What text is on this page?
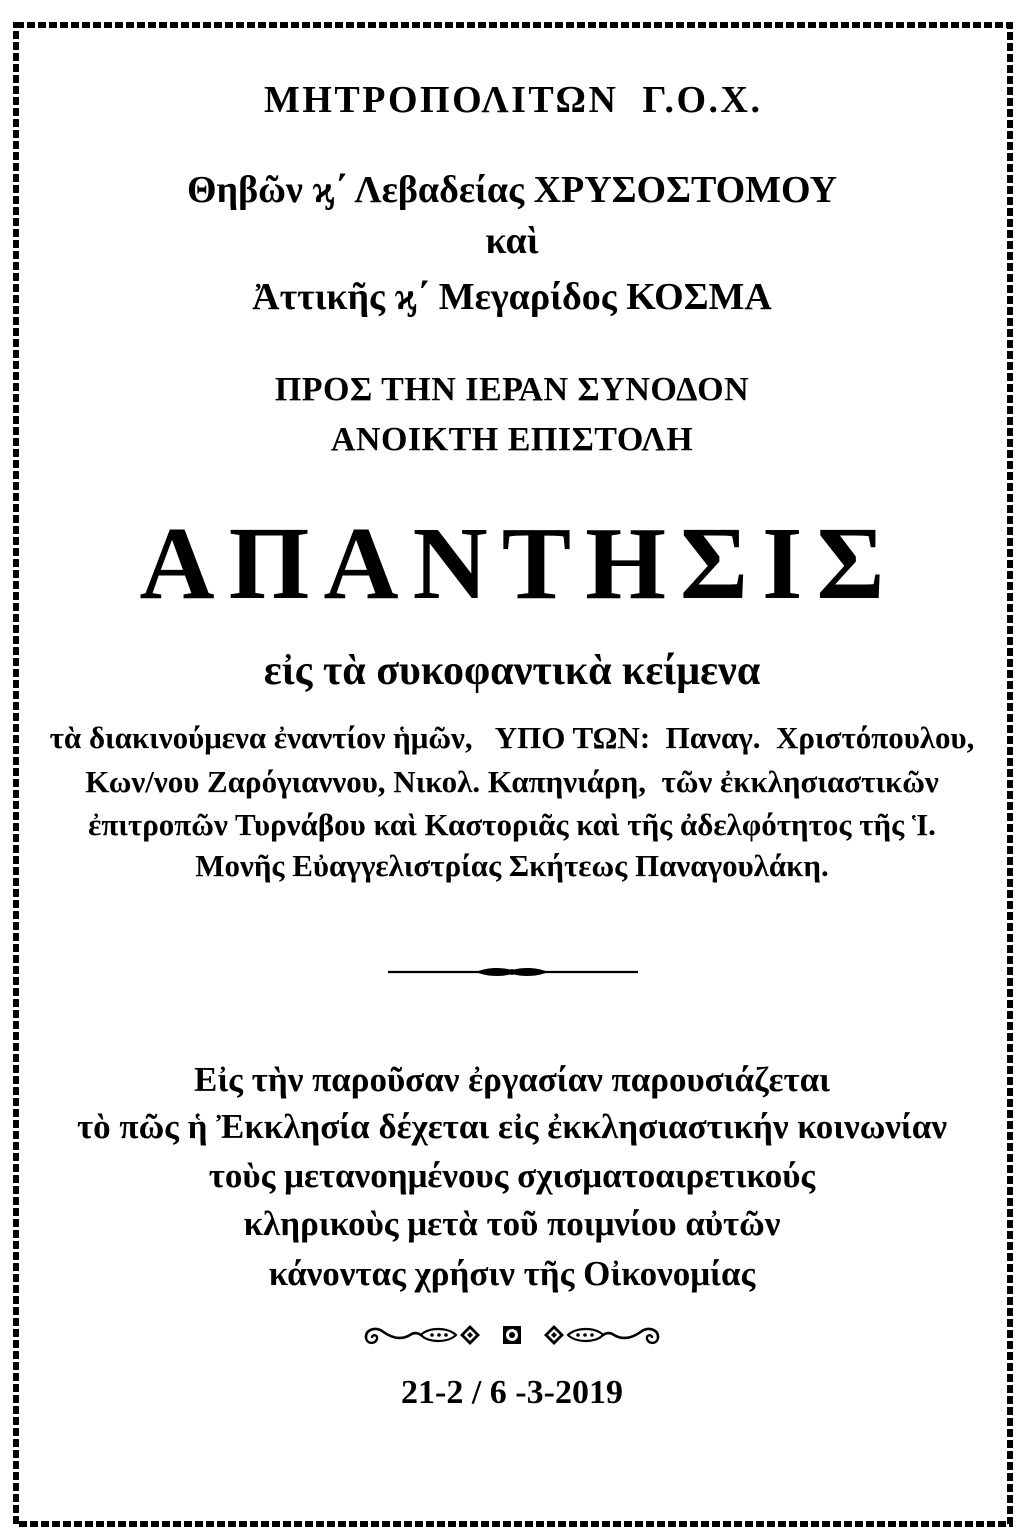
ΜΗΤΡΟΠΟΛΙΤΩΝ  Γ.Ο.Χ.
Θηβῶν ϗ΄ Λεβαδείας ΧΡΥΣΟΣΤΟΜΟΥ
καὶ
Ἀττικῆς ϗ΄ Μεγαρίδος ΚΟΣΜΑ
ΠΡΟΣ ΤΗΝ ΙΕΡΑΝ ΣΥΝΟΔΟΝ
ΑΝΟΙΚΤΗ ΕΠΙΣΤΟΛΗ
ΑΠΑΝΤΗΣΙΣ
εἰς τὰ συκοφαντικὰ κείμενα
τὰ διακινούμενα ἐναντίον ἡμῶν,   ΥΠΟ ΤΩΝ:  Παναγ.  Χριστόπουλου,
Κων/νου Ζαρόγιαννου, Νικολ. Καπηνιάρη,  τῶν ἐκκλησιαστικῶν
ἐπιτροπῶν Τυρνάβου καὶ Καστοριᾶς καὶ τῆς ἀδελφότητος τῆς Ἱ.
Μονῆς Εὐαγγελιστρίας Σκήτεως Παναγουλάκη.
Εἰς τὴν παροῦσαν ἐργασίαν παρουσιάζεται
τὸ πῶς ἡ Ἐκκλησία δέχεται εἰς ἐκκλησιαστικήν κοινωνίαν
τοὺς μετανοημένους σχισματοαιρετικούς
κληρικοὺς μετὰ τοῦ ποιμνίου αὐτῶν
κάνοντας χρήσιν τῆς Οἰκονομίας
21-2 / 6 -3-2019
